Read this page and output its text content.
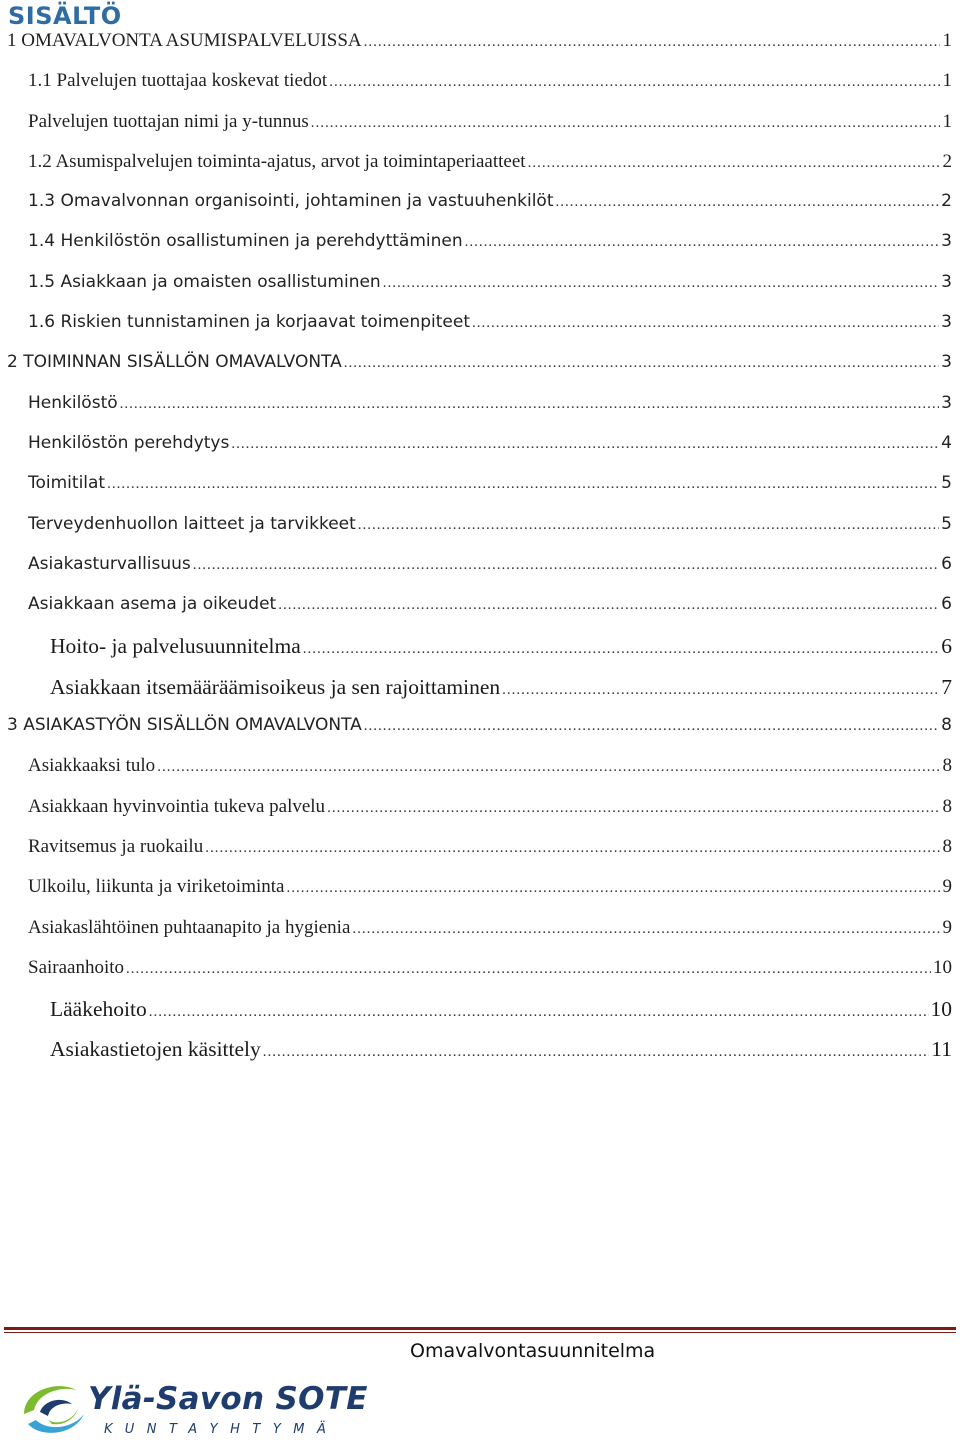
SISÄLTÖ
1 OMAVALVONTA ASUMISPALVELUISSA .....	1
1.1 Palvelujen tuottajaa koskevat tiedot .....	1
Palvelujen tuottajan nimi ja y-tunnus .....	1
1.2 Asumispalvelujen toiminta-ajatus, arvot ja toimintaperiaatteet .....	2
1.3 Omavalvonnan organisointi, johtaminen ja vastuuhenkilöt .....	2
1.4 Henkilöstön osallistuminen ja perehdyttäminen .....	3
1.5 Asiakkaan ja omaisten osallistuminen .....	3
1.6 Riskien tunnistaminen ja korjaavat toimenpiteet .....	3
2 TOIMINNAN SISÄLLÖN OMAVALVONTA .....	3
Henkilöstö .....	3
Henkilöstön perehdytys .....	4
Toimitilat .....	5
Terveydenhuollon laitteet ja tarvikkeet .....	5
Asiakasturvallisuus .....	6
Asiakkaan asema ja oikeudet .....	6
Hoito- ja palvelusuunnitelma .....	6
Asiakkaan itsemääräämisoikeus ja sen rajoittaminen .....	7
3 ASIAKASTYÖN SISÄLLÖN OMAVALVONTA .....	8
Asiakkaaksi tulo .....	8
Asiakkaan hyvinvointia tukeva palvelu .....	8
Ravitsemus ja ruokailu .....	8
Ulkoilu, liikunta ja viriketoiminta .....	9
Asiakaslähtöinen puhtaanapito ja hygienia .....	9
Sairaanhoito .....	10
Lääkehoito .....	10
Asiakastietojen käsittely .....	11
Omavalvontasuunnitelma
Ylä-Savon SOTE
KUNTAYHTYMÄ
